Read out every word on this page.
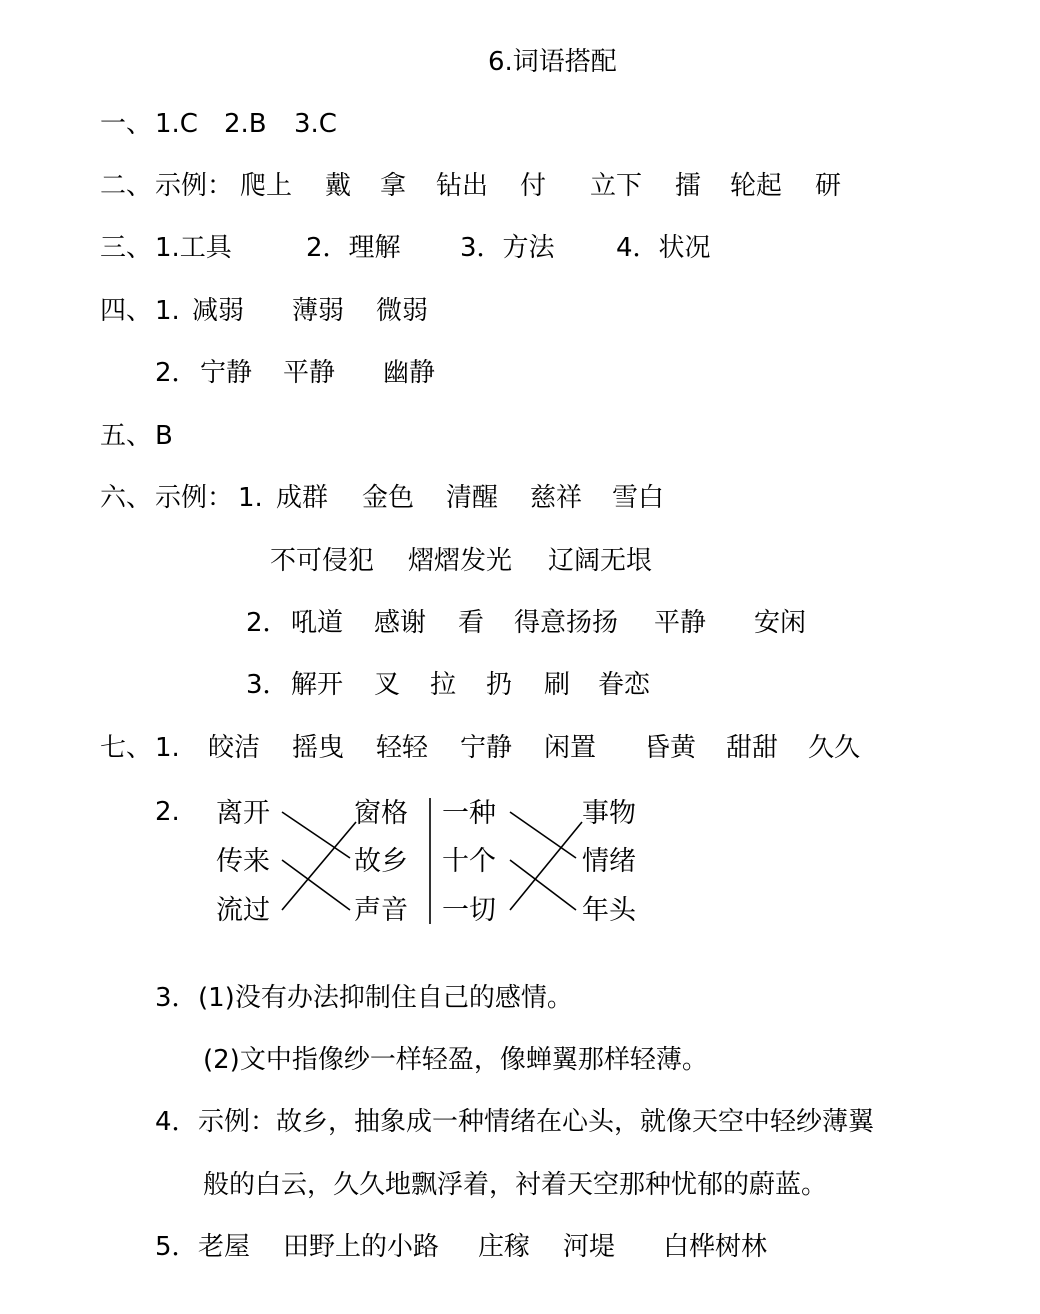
6.词语搭配
一、 1.C 2.B 3.C
二、 示例： 爬上 戴 拿 钻出 付 立下 擂 轮起 研
三、 1.工具	2．理解 3．方法 4．状况
四、 1. 减弱 薄弱 微弱
2． 宁静 平静 幽静
五、 B
六、 示例： 1. 成群 金色 清醒 慈祥 雪白
不可侵犯 熠熠发光 辽阔无垠
2． 吼道 感谢 看 得意扬扬 平静 安闲
3． 解开 叉 拉 扔 刷 眷恋
七、 1. 皎洁 摇曳 轻轻 宁静 闲置 昏黄 甜甜 久久
2. 离开
传来
流过
窗格
故乡
声音
一种
十个
一切
事物
情绪
年头
3． (1)没有办法抑制住自己的感情。
(2)文中指像纱一样轻盈，像蝉翼那样轻薄。
4． 示例：故乡，抽象成一种情绪在心头，就像天空中轻纱薄翼
般的白云，久久地飘浮着，衬着天空那种忧郁的蔚蓝。
5． 老屋 田野上的小路 庄稼 河堤 白桦树林
